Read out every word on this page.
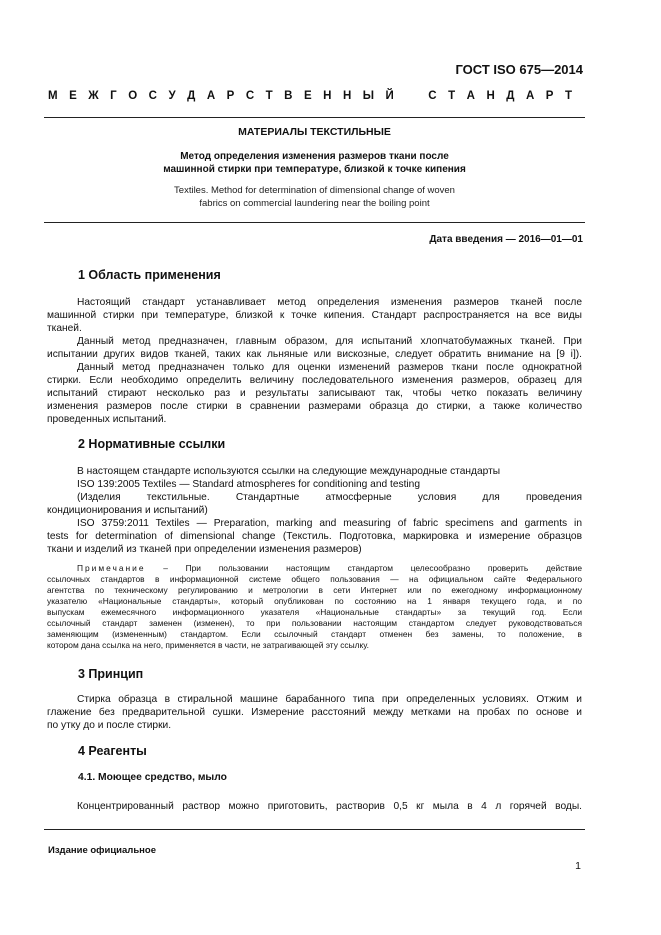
ГОСТ ISO 675—2014
М Е Ж Г О С У Д А Р С Т В Е Н Н Ы Й	С Т А Н Д А Р Т
МАТЕРИАЛЫ ТЕКСТИЛЬНЫЕ
Метод определения изменения размеров ткани после
машинной стирки при температуре, близкой к точке кипения
Textiles. Method for determination of dimensional change of woven
fabrics on commercial laundering near the boiling point
Дата введения — 2016—01—01
1 Область применения
Настоящий стандарт устанавливает метод определения изменения размеров тканей после
машинной стирки при температуре, близкой к точке кипения. Стандарт распространяется на все виды
тканей.
Данный метод предназначен, главным образом, для испытаний хлопчатобумажных тканей. При
испытании других видов тканей, таких как льняные или вискозные, следует обратить внимание на [9 i]).
Данный метод предназначен только для оценки изменений размеров ткани после однократной
стирки. Если необходимо определить величину последовательного изменения размеров, образец для
испытаний стирают несколько раз и результаты записывают так, чтобы четко показать величину
изменения размеров после стирки в сравнении размерами образца до стирки, а также количество
проведенных испытаний.
2 Нормативные ссылки
В настоящем стандарте используются ссылки на следующие международные стандарты
ISO 139:2005 Textiles — Standard atmospheres for conditioning and testing
(Изделия текстильные. Стандартные атмосферные условия для проведения
кондиционирования и испытаний)
ISO 3759:2011 Textiles — Preparation, marking and measuring of fabric specimens and garments in
tests for determination of dimensional change (Текстиль. Подготовка, маркировка и измерение образцов
ткани и изделий из тканей при определении изменения размеров)
Примечание – При пользовании настоящим стандартом целесообразно проверить действие
ссылочных стандартов в информационной системе общего пользования — на официальном сайте Федерального
агентства по техническому регулированию и метрологии в сети Интернет или по ежегодному информационному
указателю «Национальные стандарты», который опубликован по состоянию на 1 января текущего года, и по
выпускам ежемесячного информационного указателя «Национальные стандарты» за текущий год. Если
ссылочный стандарт заменен (изменен), то при пользовании настоящим стандартом следует руководствоваться
заменяющим (измененным) стандартом. Если ссылочный стандарт отменен без замены, то положение, в
котором дана ссылка на него, применяется в части, не затрагивающей эту ссылку.
3 Принцип
Стирка образца в стиральной машине барабанного типа при определенных условиях. Отжим и
глажение без предварительной сушки. Измерение расстояний между метками на пробах по основе и
по утку до и после стирки.
4 Реагенты
4.1. Моющее средство, мыло
Концентрированный раствор можно приготовить, растворив 0,5 кг мыла в 4 л горячей воды.
Издание официальное
1
